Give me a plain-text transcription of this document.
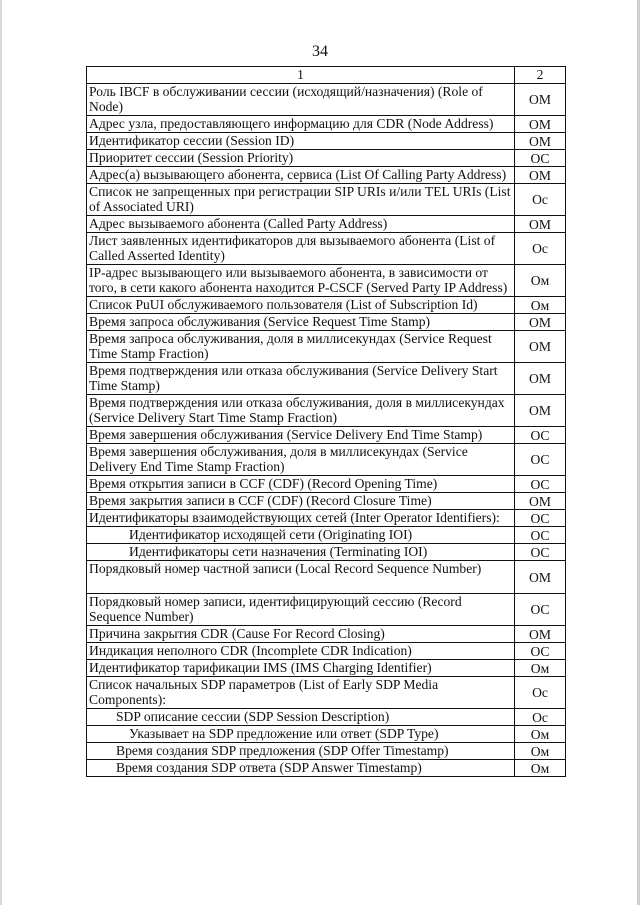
34
1	2
Роль IBCF в обслуживании сессии (исходящий/назначения) (Role of Node)	OM
Адрес узла, предоставляющего информацию для CDR (Node Address)	OM
Идентификатор сессии (Session ID)	OM
Приоритет сессии (Session Priority)	OC
Адрес(а) вызывающего абонента, сервиса (List Of Calling Party Address)	OM
Список не запрещенных при регистрации SIP URIs и/или TEL URIs (List of Associated URI)	Oc
Адрес вызываемого абонента (Called Party Address)	OM
Лист заявленных идентификаторов для вызываемого абонента (List of Called Asserted Identity)	Oc
IP-адрес вызывающего или вызываемого абонента, в зависимости от того, в сети какого абонента находится P-CSCF (Served Party IP Address)	Oм
Список PuUI обслуживаемого пользователя (List of Subscription Id)	Oм
Время запроса обслуживания (Service Request Time Stamp)	OM
Время запроса обслуживания, доля в миллисекундах (Service Request Time Stamp Fraction)	OM
Время подтверждения или отказа обслуживания (Service Delivery Start Time Stamp)	OM
Время подтверждения или отказа обслуживания, доля в миллисекундах (Service Delivery Start Time Stamp Fraction)	OM
Время завершения обслуживания (Service Delivery End Time Stamp)	OC
Время завершения обслуживания, доля в миллисекундах (Service Delivery End Time Stamp Fraction)	OC
Время открытия записи в CCF (CDF) (Record Opening Time)	OC
Время закрытия записи в CCF (CDF) (Record Closure Time)	OM
Идентификаторы взаимодействующих сетей (Inter Operator Identifiers):	OC
Идентификатор исходящей сети (Originating IOI)	OC
Идентификаторы сети назначения (Terminating IOI)	OC
Порядковый номер частной записи (Local Record Sequence Number)	OM
Порядковый номер записи, идентифицирующий сессию (Record Sequence Number)	OC
Причина закрытия CDR (Cause For Record Closing)	OM
Индикация неполного CDR (Incomplete CDR Indication)	OC
Идентификатор тарификации IMS (IMS Charging Identifier)	Oм
Список начальных SDP параметров (List of Early SDP Media Components):	Oc
SDP описание сессии (SDP Session Description)	Oc
Указывает на SDP предложение или ответ (SDP Type)	Oм
Время создания SDP предложения (SDP Offer Timestamp)	Oм
Время создания SDP ответа (SDP Answer Timestamp)	Oм
